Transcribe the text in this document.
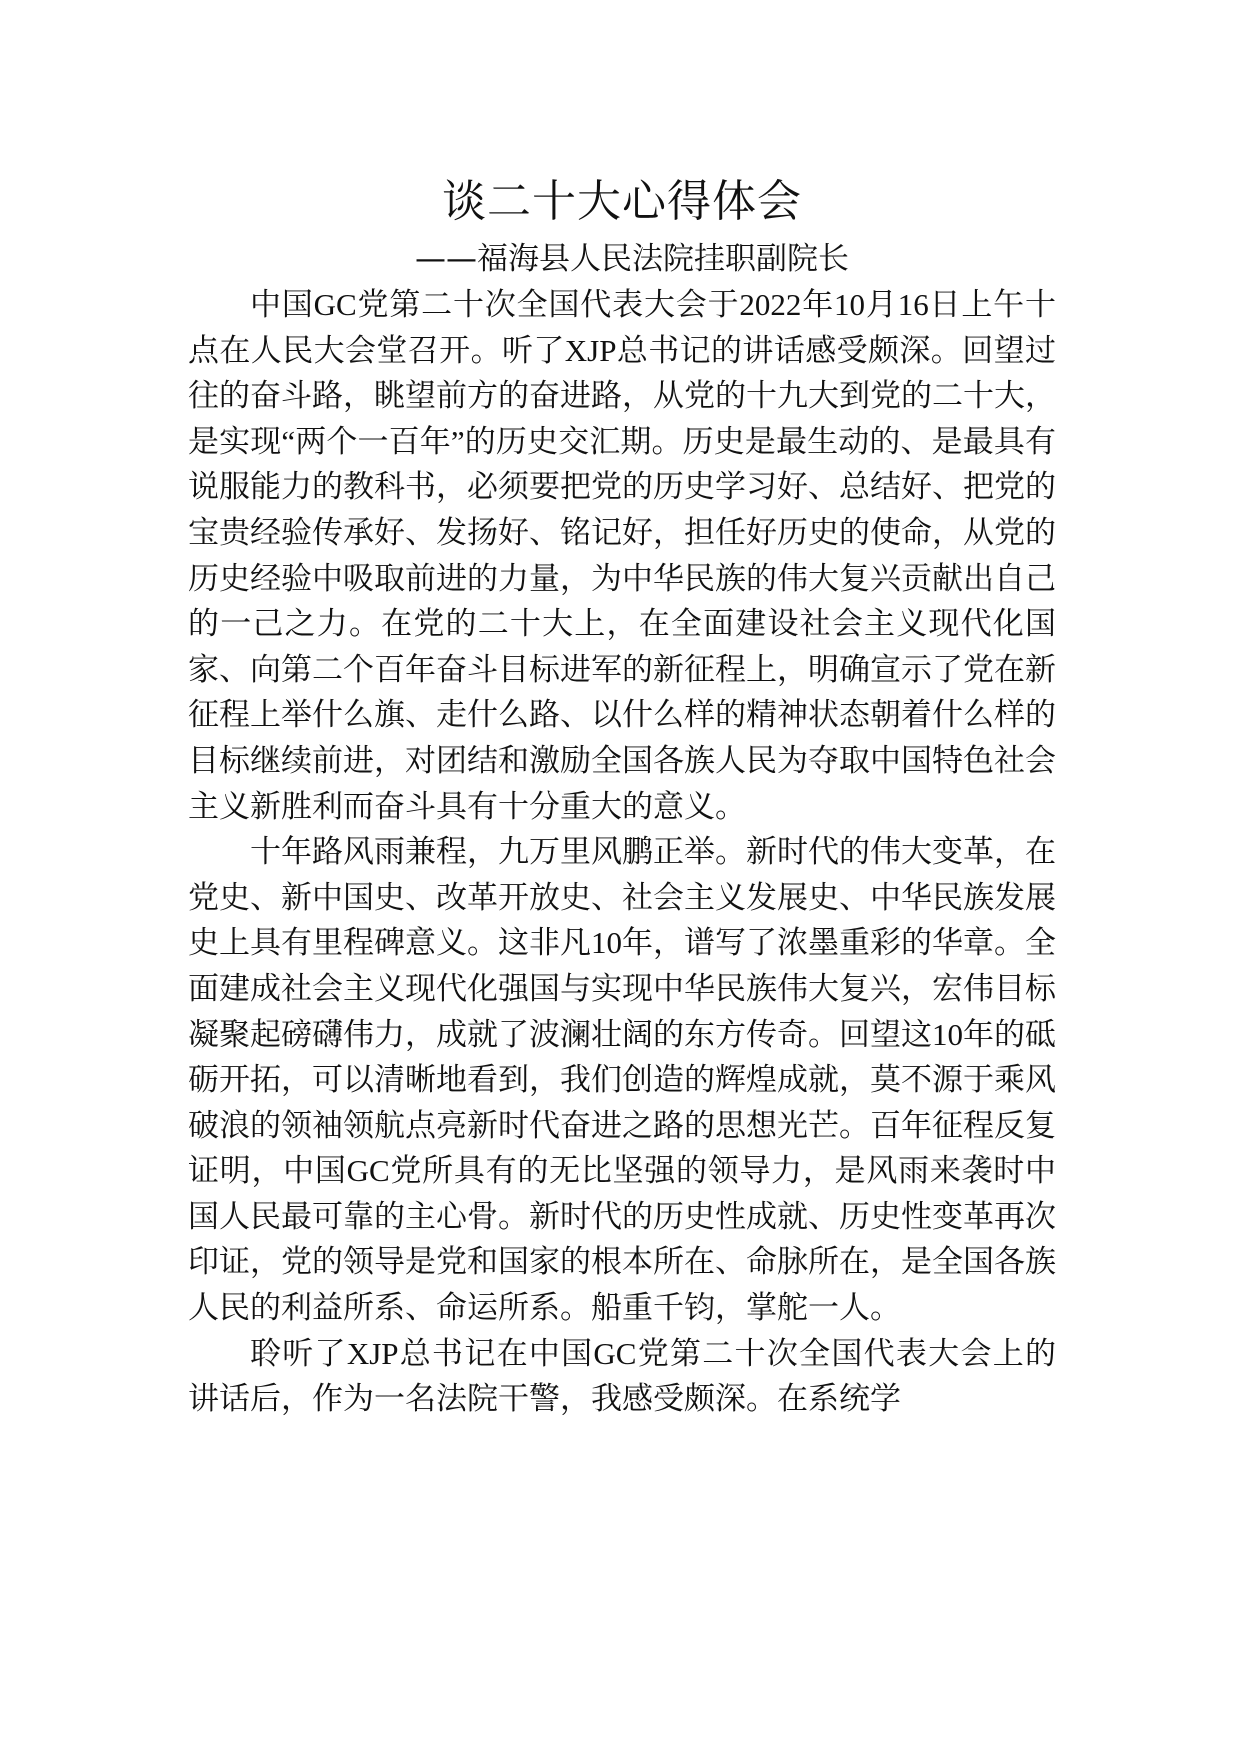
谈二十大心得体会
——福海县人民法院挂职副院长

中国GC党第二十次全国代表大会于2022年10月16日上午十点在人民大会堂召开。听了XJP总书记的讲话感受颇深。回望过往的奋斗路，眺望前方的奋进路，从党的十九大到党的二十大，是实现“两个一百年”的历史交汇期。历史是最生动的、是最具有说服能力的教科书，必须要把党的历史学习好、总结好、把党的宝贵经验传承好、发扬好、铭记好，担任好历史的使命，从党的历史经验中吸取前进的力量，为中华民族的伟大复兴贡献出自己的一己之力。在党的二十大上，在全面建设社会主义现代化国家、向第二个百年奋斗目标进军的新征程上，明确宣示了党在新征程上举什么旗、走什么路、以什么样的精神状态朝着什么样的目标继续前进，对团结和激励全国各族人民为夺取中国特色社会主义新胜利而奋斗具有十分重大的意义。

十年路风雨兼程，九万里风鹏正举。新时代的伟大变革，在党史、新中国史、改革开放史、社会主义发展史、中华民族发展史上具有里程碑意义。这非凡10年，谱写了浓墨重彩的华章。全面建成社会主义现代化强国与实现中华民族伟大复兴，宏伟目标凝聚起磅礴伟力，成就了波澜壮阔的东方传奇。回望这10年的砥砺开拓，可以清晰地看到，我们创造的辉煌成就，莫不源于乘风破浪的领袖领航点亮新时代奋进之路的思想光芒。百年征程反复证明，中国GC党所具有的无比坚强的领导力，是风雨来袭时中国人民最可靠的主心骨。新时代的历史性成就、历史性变革再次印证，党的领导是党和国家的根本所在、命脉所在，是全国各族人民的利益所系、命运所系。船重千钧，掌舵一人。

聆听了XJP总书记在中国GC党第二十次全国代表大会上的讲话后，作为一名法院干警，我感受颇深。在系统学
